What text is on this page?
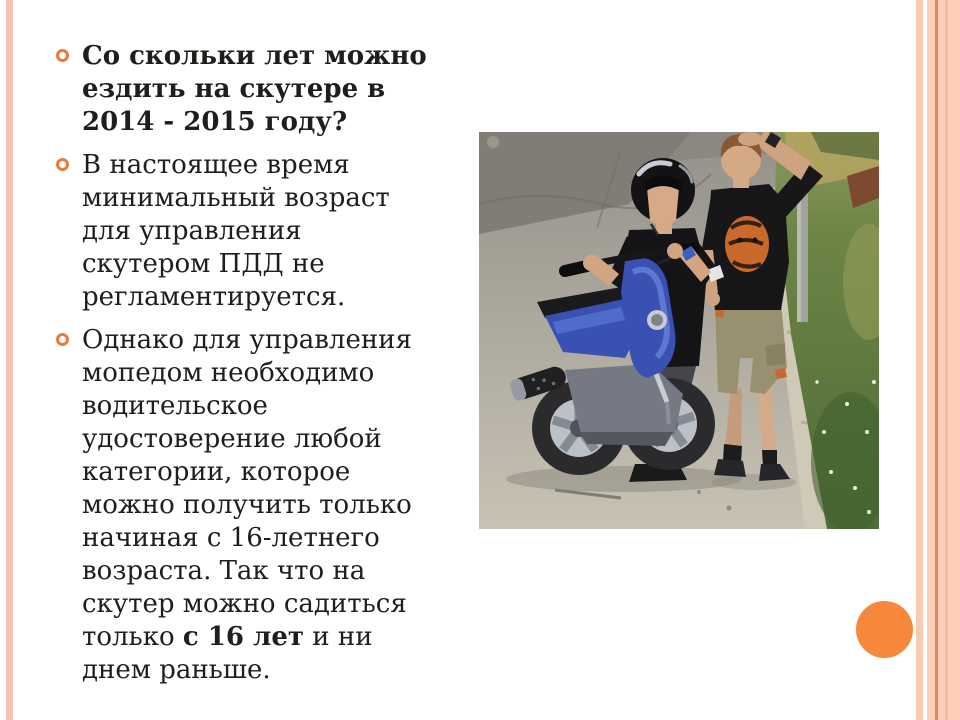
Со скольки лет можно ездить на скутере в 2014 - 2015 году?
В настоящее время минимальный возраст для управления скутером ПДД не регламентируется.
Однако для управления мопедом необходимо водительское удостоверение любой категории, которое можно получить только начиная с 16-летнего возраста. Так что на скутер можно садиться только с 16 лет и ни днем раньше.
